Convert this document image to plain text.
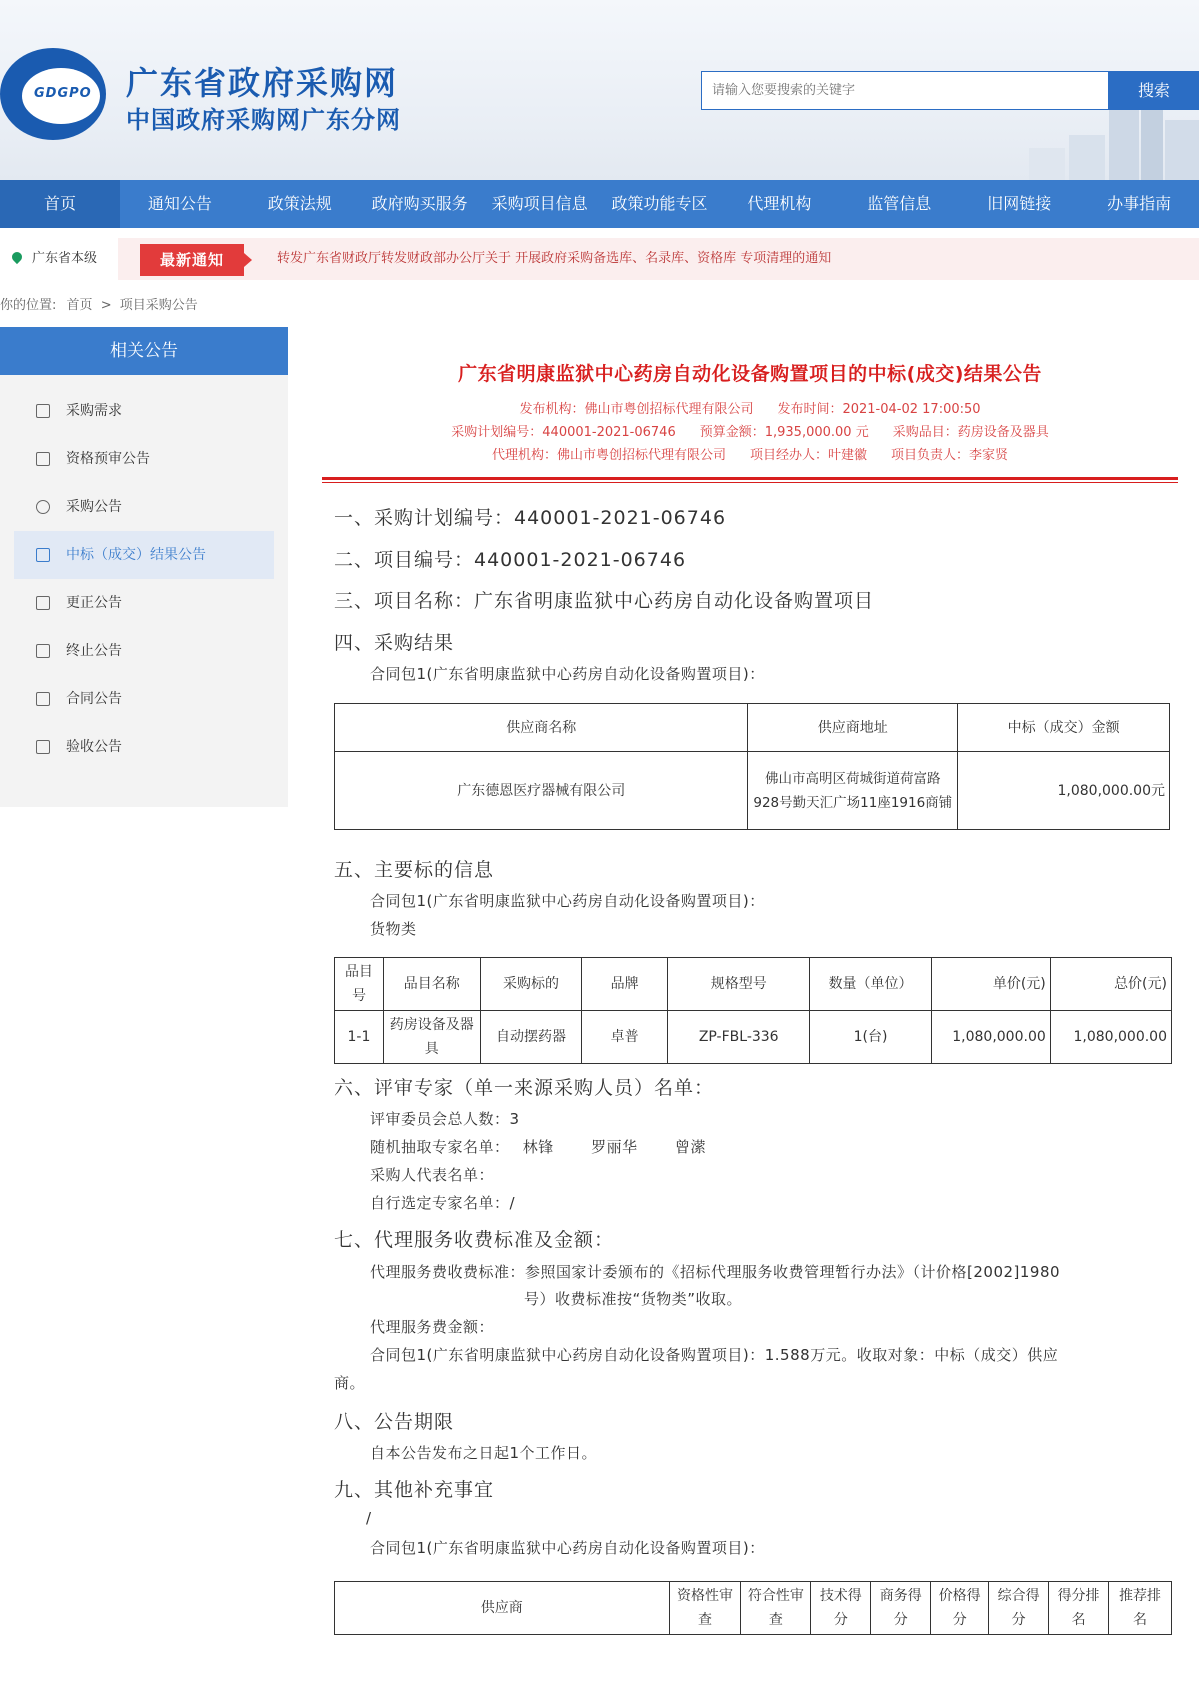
GDGPO 广东省政府采购网
中国政府采购网广东分网
请输入您要搜索的关键字
搜索
首页	通知公告	政策法规	政府购买服务	采购项目信息	政策功能专区	代理机构	监管信息	旧网链接	办事指南
广东省本级	最新通知	转发广东省财政厅转发财政部办公厅关于 开展政府采购备选库、名录库、资格库 专项清理的通知
你的位置: 首页 > 项目采购公告
相关公告
采购需求
资格预审公告
采购公告
中标（成交）结果公告
更正公告
终止公告
合同公告
验收公告
广东省明康监狱中心药房自动化设备购置项目的中标(成交)结果公告
发布机构：佛山市粤创招标代理有限公司 发布时间：2021-04-02 17:00:50
采购计划编号：440001-2021-06746 预算金额：1,935,000.00 元 采购品目：药房设备及器具
代理机构：佛山市粤创招标代理有限公司 项目经办人：叶建徽 项目负责人：李家贤
一、采购计划编号：440001-2021-06746
二、项目编号：440001-2021-06746
三、项目名称：广东省明康监狱中心药房自动化设备购置项目
四、采购结果
合同包1(广东省明康监狱中心药房自动化设备购置项目)：
供应商名称	供应商地址	中标（成交）金额
广东德恩医疗器械有限公司	佛山市高明区荷城街道荷富路928号勤天汇广场11座1916商铺	1,080,000.00元
五、主要标的信息
合同包1(广东省明康监狱中心药房自动化设备购置项目)：
货物类
品目号	品目名称	采购标的	品牌	规格型号	数量（单位）	单价(元)	总价(元)
1-1	药房设备及器具	自动摆药器	卓普	ZP-FBL-336	1(台)	1,080,000.00	1,080,000.00
六、评审专家（单一来源采购人员）名单：
评审委员会总人数：3
随机抽取专家名单： 林锋 罗丽华 曾潆
采购人代表名单：
自行选定专家名单：/
七、代理服务收费标准及金额：
代理服务费收费标准：参照国家计委颁布的《招标代理服务收费管理暂行办法》（计价格[2002]1980
号）收费标准按“货物类”收取。
代理服务费金额：
合同包1(广东省明康监狱中心药房自动化设备购置项目)：1.588万元。收取对象：中标（成交）供应
商。
八、公告期限
自本公告发布之日起1个工作日。
九、其他补充事宜
/
合同包1(广东省明康监狱中心药房自动化设备购置项目)：
供应商	资格性审查	符合性审查	技术得分	商务得分	价格得分	综合得分	得分排名	推荐排名
